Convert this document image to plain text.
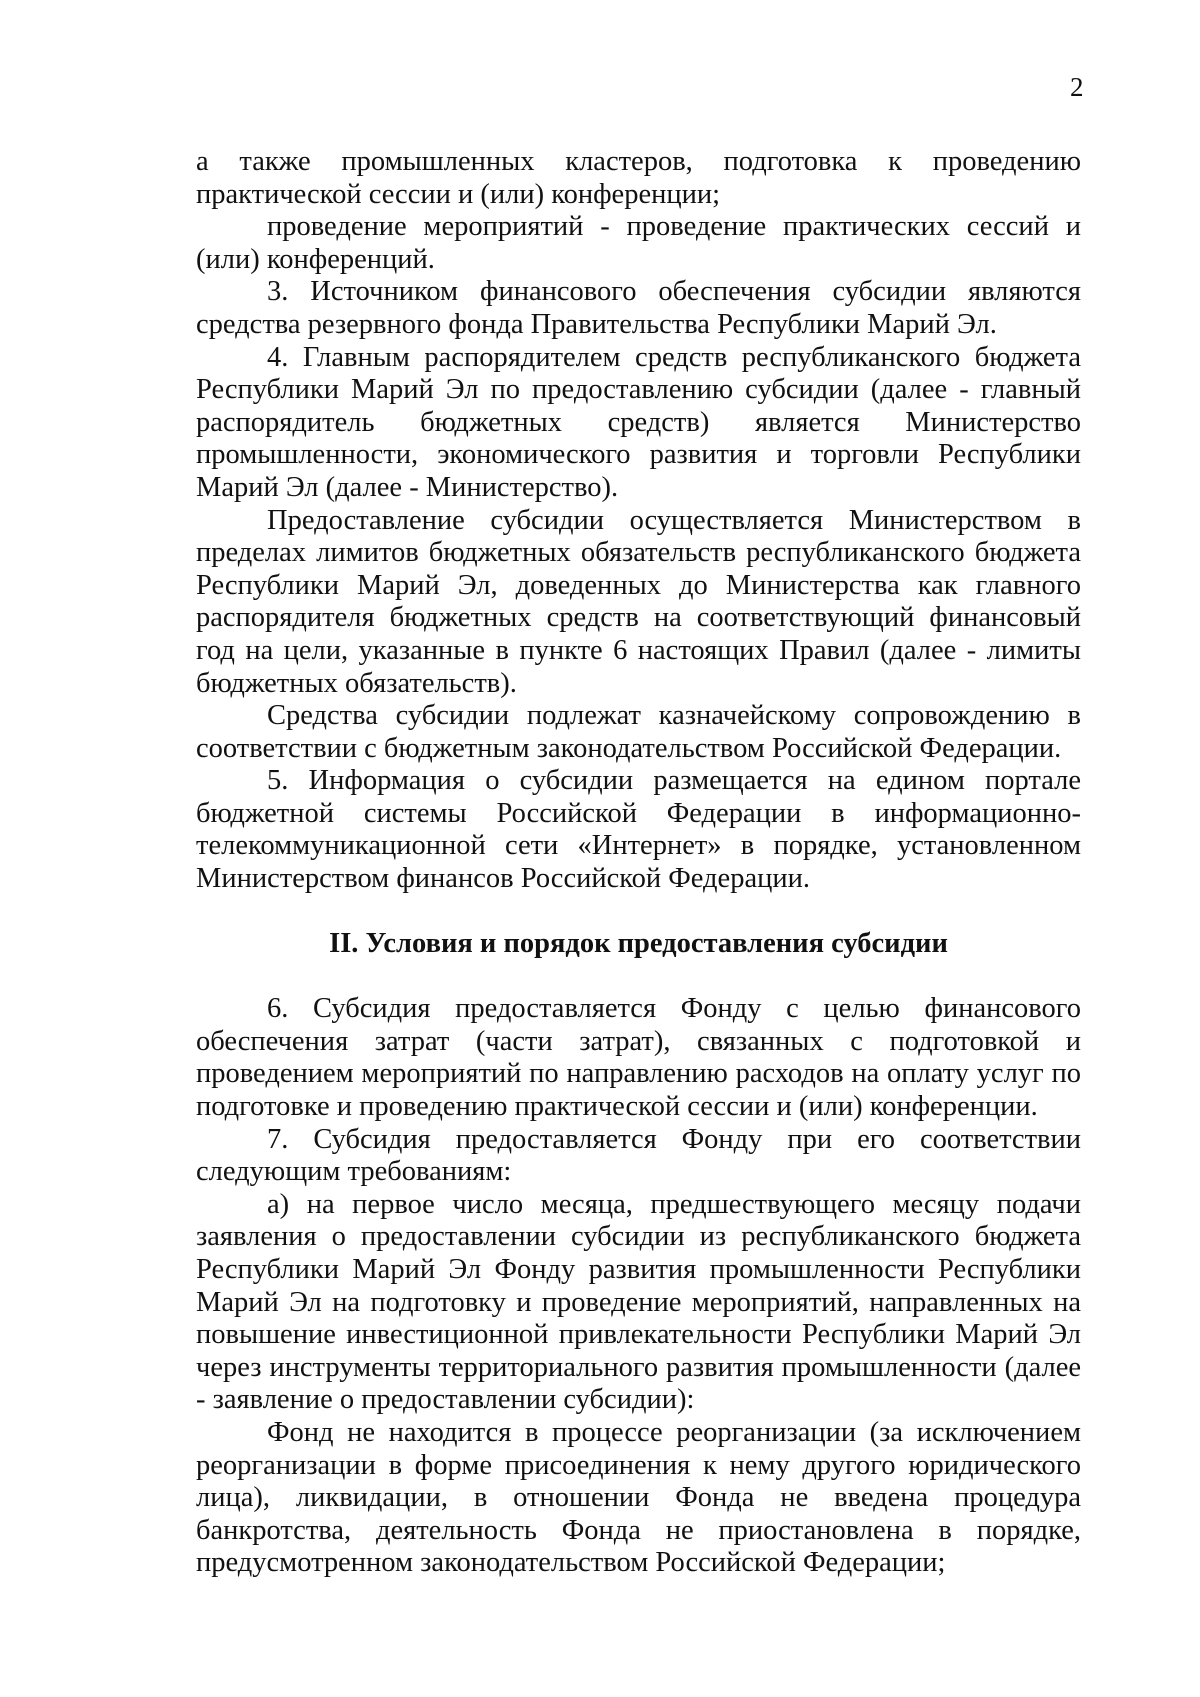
2

а также промышленных кластеров, подготовка к проведению практической сессии и (или) конференции;

проведение мероприятий - проведение практических сессий и (или) конференций.

3. Источником финансового обеспечения субсидии являются средства резервного фонда Правительства Республики Марий Эл.

4. Главным распорядителем средств республиканского бюджета Республики Марий Эл по предоставлению субсидии (далее - главный распорядитель бюджетных средств) является Министерство промышленности, экономического развития и торговли Республики Марий Эл (далее - Министерство).

Предоставление субсидии осуществляется Министерством в пределах лимитов бюджетных обязательств республиканского бюджета Республики Марий Эл, доведенных до Министерства как главного распорядителя бюджетных средств на соответствующий финансовый год на цели, указанные в пункте 6 настоящих Правил (далее - лимиты бюджетных обязательств).

Средства субсидии подлежат казначейскому сопровождению в соответствии с бюджетным законодательством Российской Федерации.

5. Информация о субсидии размещается на едином портале бюджетной системы Российской Федерации в информационно-телекоммуникационной сети «Интернет» в порядке, установленном Министерством финансов Российской Федерации.

II. Условия и порядок предоставления субсидии

6. Субсидия предоставляется Фонду с целью финансового обеспечения затрат (части затрат), связанных с подготовкой и проведением мероприятий по направлению расходов на оплату услуг по подготовке и проведению практической сессии и (или) конференции.

7. Субсидия предоставляется Фонду при его соответствии следующим требованиям:

а) на первое число месяца, предшествующего месяцу подачи заявления о предоставлении субсидии из республиканского бюджета Республики Марий Эл Фонду развития промышленности Республики Марий Эл на подготовку и проведение мероприятий, направленных на повышение инвестиционной привлекательности Республики Марий Эл через инструменты территориального развития промышленности (далее - заявление о предоставлении субсидии):

Фонд не находится в процессе реорганизации (за исключением реорганизации в форме присоединения к нему другого юридического лица), ликвидации, в отношении Фонда не введена процедура банкротства, деятельность Фонда не приостановлена в порядке, предусмотренном законодательством Российской Федерации;
